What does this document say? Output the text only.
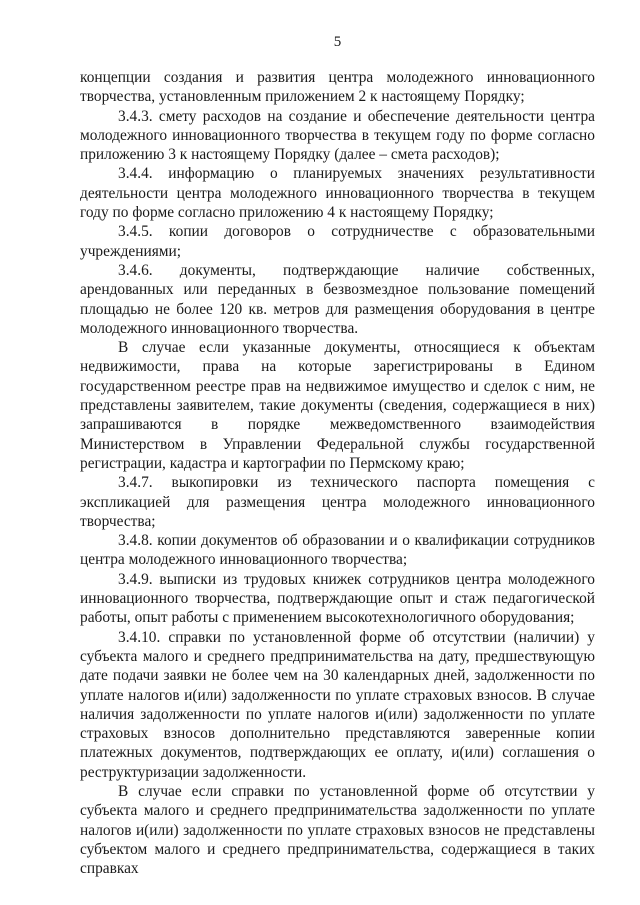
5

концепции создания и развития центра молодежного инновационного творчества, установленным приложением 2 к настоящему Порядку;

3.4.3. смету расходов на создание и обеспечение деятельности центра молодежного инновационного творчества в текущем году по форме согласно приложению 3 к настоящему Порядку (далее – смета расходов);

3.4.4. информацию о планируемых значениях результативности деятельности центра молодежного инновационного творчества в текущем году по форме согласно приложению 4 к настоящему Порядку;

3.4.5. копии договоров о сотрудничестве с образовательными учреждениями;

3.4.6. документы, подтверждающие наличие собственных, арендованных или переданных в безвозмездное пользование помещений площадью не более 120 кв. метров для размещения оборудования в центре молодежного инновационного творчества.

В случае если указанные документы, относящиеся к объектам недвижимости, права на которые зарегистрированы в Едином государственном реестре прав на недвижимое имущество и сделок с ним, не представлены заявителем, такие документы (сведения, содержащиеся в них) запрашиваются в порядке межведомственного взаимодействия Министерством в Управлении Федеральной службы государственной регистрации, кадастра и картографии по Пермскому краю;

3.4.7. выкопировки из технического паспорта помещения с экспликацией для размещения центра молодежного инновационного творчества;

3.4.8. копии документов об образовании и о квалификации сотрудников центра молодежного инновационного творчества;

3.4.9. выписки из трудовых книжек сотрудников центра молодежного инновационного творчества, подтверждающие опыт и стаж педагогической работы, опыт работы с применением высокотехнологичного оборудования;

3.4.10. справки по установленной форме об отсутствии (наличии) у субъекта малого и среднего предпринимательства на дату, предшествующую дате подачи заявки не более чем на 30 календарных дней, задолженности по уплате налогов и(или) задолженности по уплате страховых взносов. В случае наличия задолженности по уплате налогов и(или) задолженности по уплате страховых взносов дополнительно представляются заверенные копии платежных документов, подтверждающих ее оплату, и(или) соглашения о реструктуризации задолженности.

В случае если справки по установленной форме об отсутствии у субъекта малого и среднего предпринимательства задолженности по уплате налогов и(или) задолженности по уплате страховых взносов не представлены субъектом малого и среднего предпринимательства, содержащиеся в таких справках
